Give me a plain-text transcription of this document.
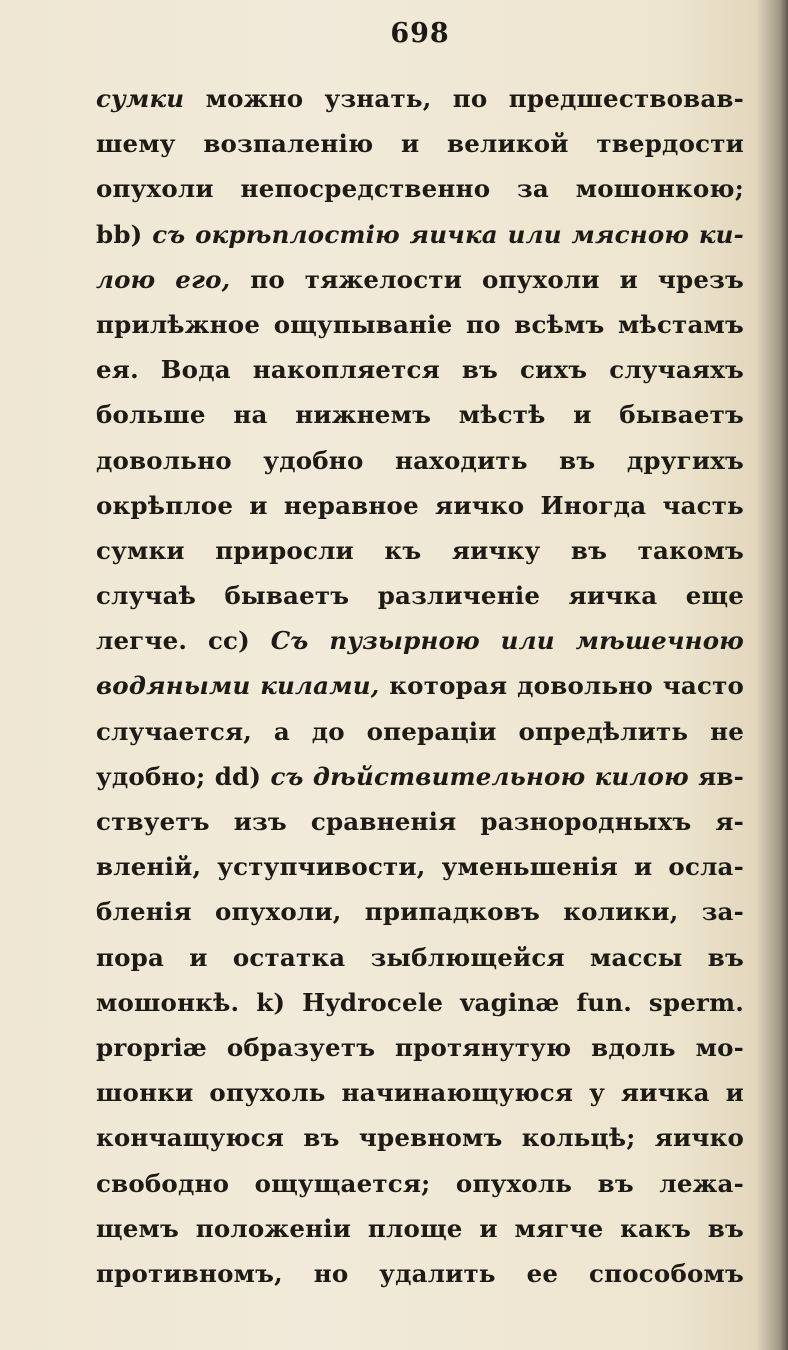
698
сумки можно узнать, по предшествовав-
шему возпаленію и великой твердости
опухоли непосредственно за мошонкою;
bb) съ окрѣплостію яичка или мясною ки-
лою его, по тяжелости опухоли и чрезъ
прилѣжное ощупываніе по всѣмъ мѣстамъ
ея. Вода накопляется въ сихъ случаяхъ
больше на нижнемъ мѣстѣ и бываетъ
довольно удобно находить въ другихъ
окрѣплое и неравное яичко Иногда часть
сумки приросли къ яичку въ такомъ
случаѣ бываетъ различеніе яичка еще
легче. cc) Съ пузырною или мѣшечною
водяными килами, которая довольно часто
случается, а до операціи опредѣлить не
удобно; dd) съ дѣйствительною килою яв-
ствуетъ изъ сравненія разнородныхъ я-
вленій, уступчивости, уменьшенія и осла-
бленія опухоли, припадковъ колики, за-
пора и остатка зыблющейся массы въ
мошонкѣ. k) Hydrocele vaginæ fun. sperm.
propriæ образуетъ протянутую вдоль мо-
шонки опухоль начинающуюся у яичка и
кончащуюся въ чревномъ кольцѣ; яичко
свободно ощущается; опухоль въ лежа-
щемъ положеніи площе и мягче какъ въ
противномъ, но удалить ее способомъ
